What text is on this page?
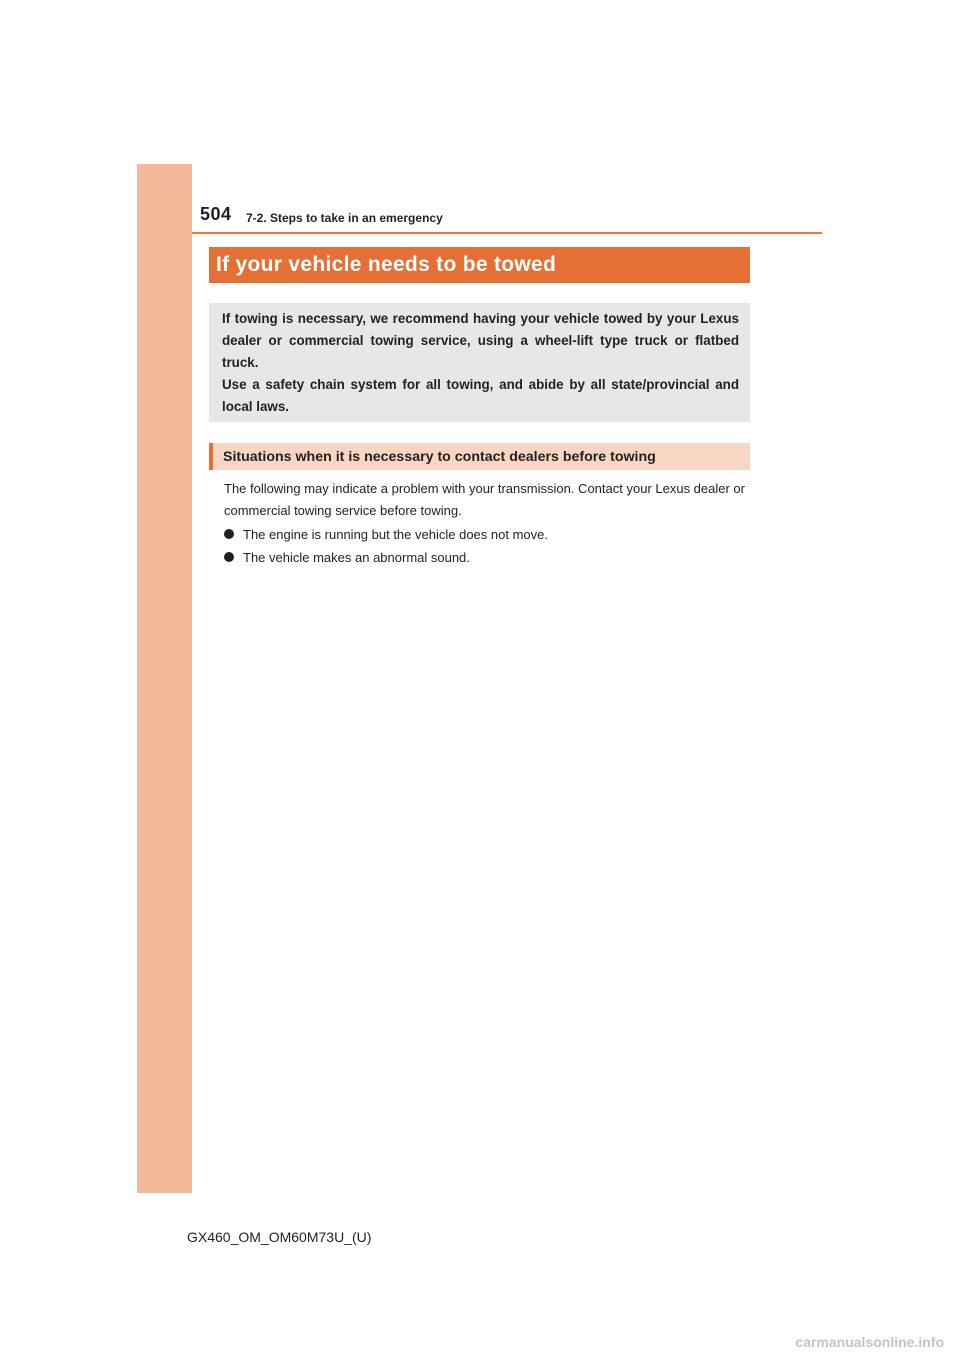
504 7-2. Steps to take in an emergency
If your vehicle needs to be towed

If towing is necessary, we recommend having your vehicle towed by your Lexus dealer or commercial towing service, using a wheel-lift type truck or flatbed truck.

Use a safety chain system for all towing, and abide by all state/provincial and local laws.

Situations when it is necessary to contact dealers before towing

The following may indicate a problem with your transmission. Contact your Lexus dealer or commercial towing service before towing.

The engine is running but the vehicle does not move.
The vehicle makes an abnormal sound.
GX460_OM_OM60M73U_(U)
carmanualsonline.info
